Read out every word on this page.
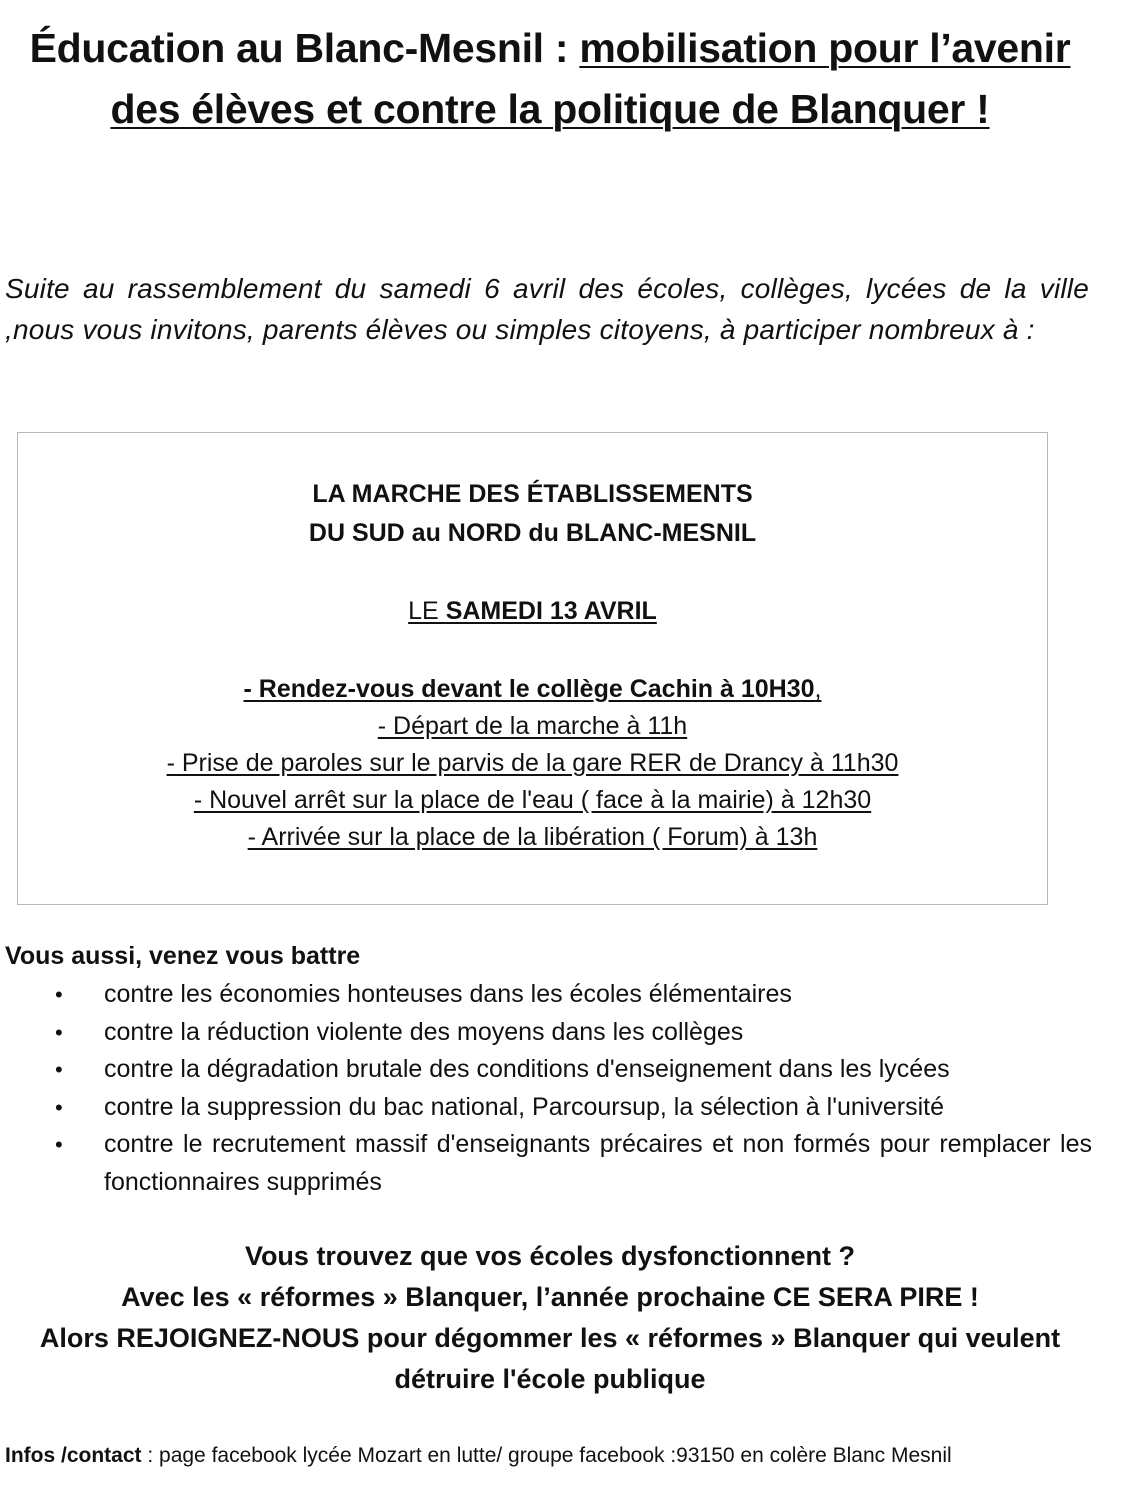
Éducation au Blanc-Mesnil : mobilisation pour l’avenir des élèves et contre la politique de Blanquer !
Suite au rassemblement du samedi 6 avril des écoles, collèges, lycées de la ville ,nous vous invitons, parents élèves ou simples citoyens, à participer nombreux à :
LA MARCHE DES ÉTABLISSEMENTS
DU SUD au NORD du BLANC-MESNIL
LE SAMEDI 13 AVRIL
- Rendez-vous devant le collège Cachin à 10H30,
- Départ de la marche à 11h
- Prise de paroles sur le parvis de la gare RER de Drancy à 11h30
- Nouvel arrêt sur la place de l'eau ( face à la mairie) à 12h30
- Arrivée sur la place de la libération ( Forum) à 13h
Vous aussi, venez vous battre
• contre les économies honteuses dans les écoles élémentaires
• contre la réduction violente des moyens dans les collèges
• contre la dégradation brutale des conditions d'enseignement dans les lycées
• contre la suppression du bac national, Parcoursup, la sélection à l'université
• contre le recrutement massif d'enseignants précaires et non formés pour remplacer les fonctionnaires supprimés
Vous trouvez que vos écoles dysfonctionnent ?
Avec les « réformes » Blanquer, l’année prochaine CE SERA PIRE !
Alors REJOIGNEZ-NOUS pour dégommer les « réformes » Blanquer qui veulent détruire l'école publique
Infos /contact : page facebook lycée Mozart en lutte/ groupe facebook :93150 en colère Blanc Mesnil
